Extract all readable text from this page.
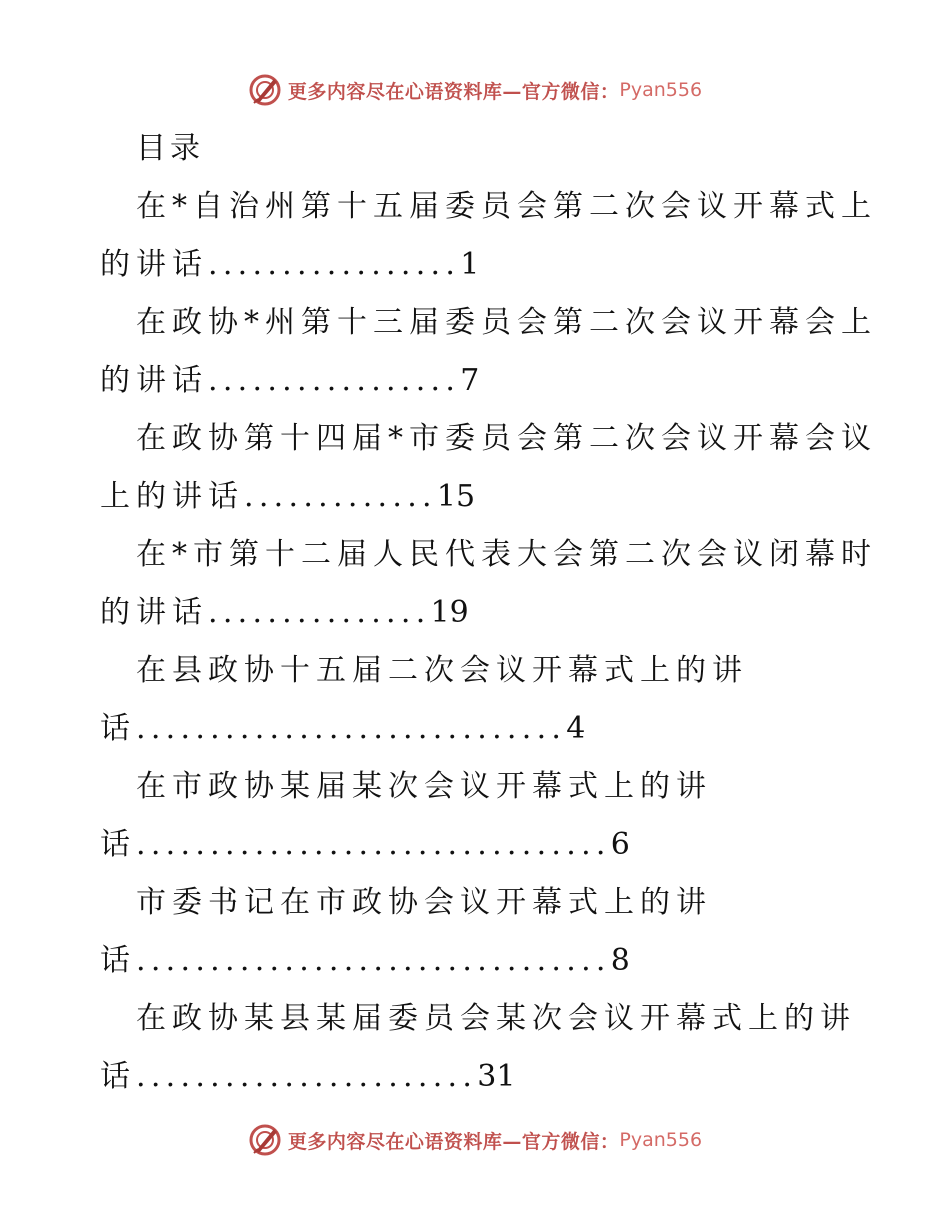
更多内容尽在心语资料库—官方微信： Pyan556
目录
在*自治州第十五届委员会第二次会议开幕式上
的讲话.................1
在政协*州第十三届委员会第二次会议开幕会上
的讲话.................7
在政协第十四届*市委员会第二次会议开幕会议
上的讲话.............15
在*市第十二届人民代表大会第二次会议闭幕时
的讲话...............19
在县政协十五届二次会议开幕式上的讲
话.............................4
在市政协某届某次会议开幕式上的讲
话................................6
市委书记在市政协会议开幕式上的讲
话................................8
在政协某县某届委员会某次会议开幕式上的讲
话.......................31
更多内容尽在心语资料库—官方微信： Pyan556
